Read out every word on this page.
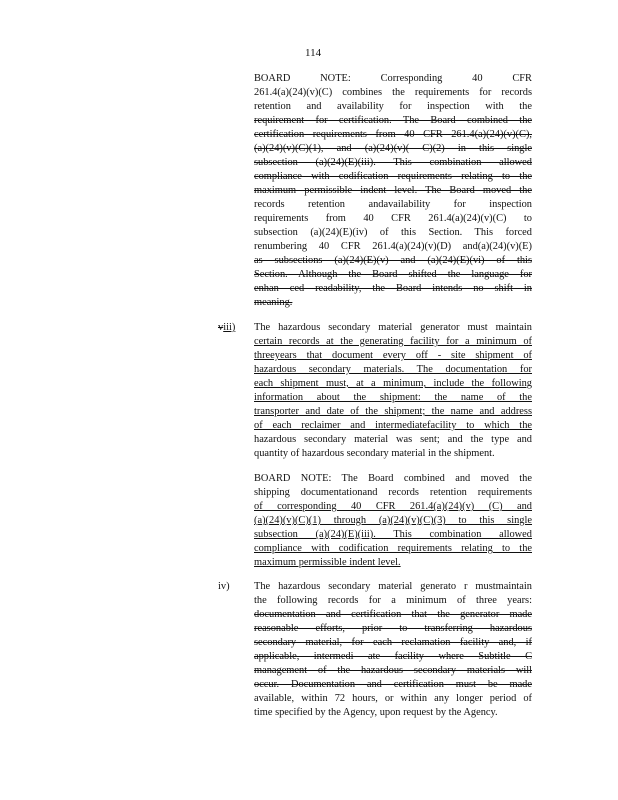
114
BOARD NOTE: Corresponding 40 CFR
261.4(a)(24)(v)(C) combines the requirements for records
retention and availability for inspection with the
requirement for certification. The Board combined the
certification requirements from 40 CFR 261.4(a)(24)(v)(C),
(a)(24)(v)(C)(1), and (a)(24)(v)( C)(2) in this single
subsection (a)(24)(E)(iii). This combination allowed
compliance with codification requirements relating to the
maximum permissible indent level. The Board moved the
records retention andavailability for inspection
requirements from 40 CFR 261.4(a)(24)(v)(C) to
subsection (a)(24)(E)(iv) of this Section. This forced
renumbering 40 CFR 261.4(a)(24)(v)(D) and(a)(24)(v)(E)
as subsections (a)(24)(E)(v) and (a)(24)(E)(vi) of this
Section. Although the Board shifted the language for
enhan ced readability, the Board intends no shift in
meaning.
viii) The hazardous secondary material generator must maintain
certain records at the generating facility for a minimum of
threeyears that document every off - site shipment of
hazardous secondary materials. The documentation for
each shipment must, at a minimum, include the following
information about the shipment: the name of the
transporter and date of the shipment; the name and address
of each reclaimer and intermediatefacility to which the
hazardous secondary material was sent; and the type and
quantity of hazardous secondary material in the shipment.
BOARD NOTE: The Board combined and moved the
shipping documentationand records retention requirements
of corresponding 40 CFR 261.4(a)(24)(v) (C) and
(a)(24)(v)(C)(1) through (a)(24)(v)(C)(3) to this single
subsection (a)(24)(E)(iii). This combination allowed
compliance with codification requirements relating to the
maximum permissible indent level.
iv) The hazardous secondary material generato r mustmaintain
the following records for a minimum of three years:
documentation and certification that the generator made
reasonable efforts, prior to transferring hazardous
secondary material, for each reclamation facility and, if
applicable, intermedi ate facility where Subtitle C
management of the hazardous secondary materials will
occur. Documentation and certification must be made
available, within 72 hours, or within any longer period of
time specified by the Agency, upon request by the Agency.
